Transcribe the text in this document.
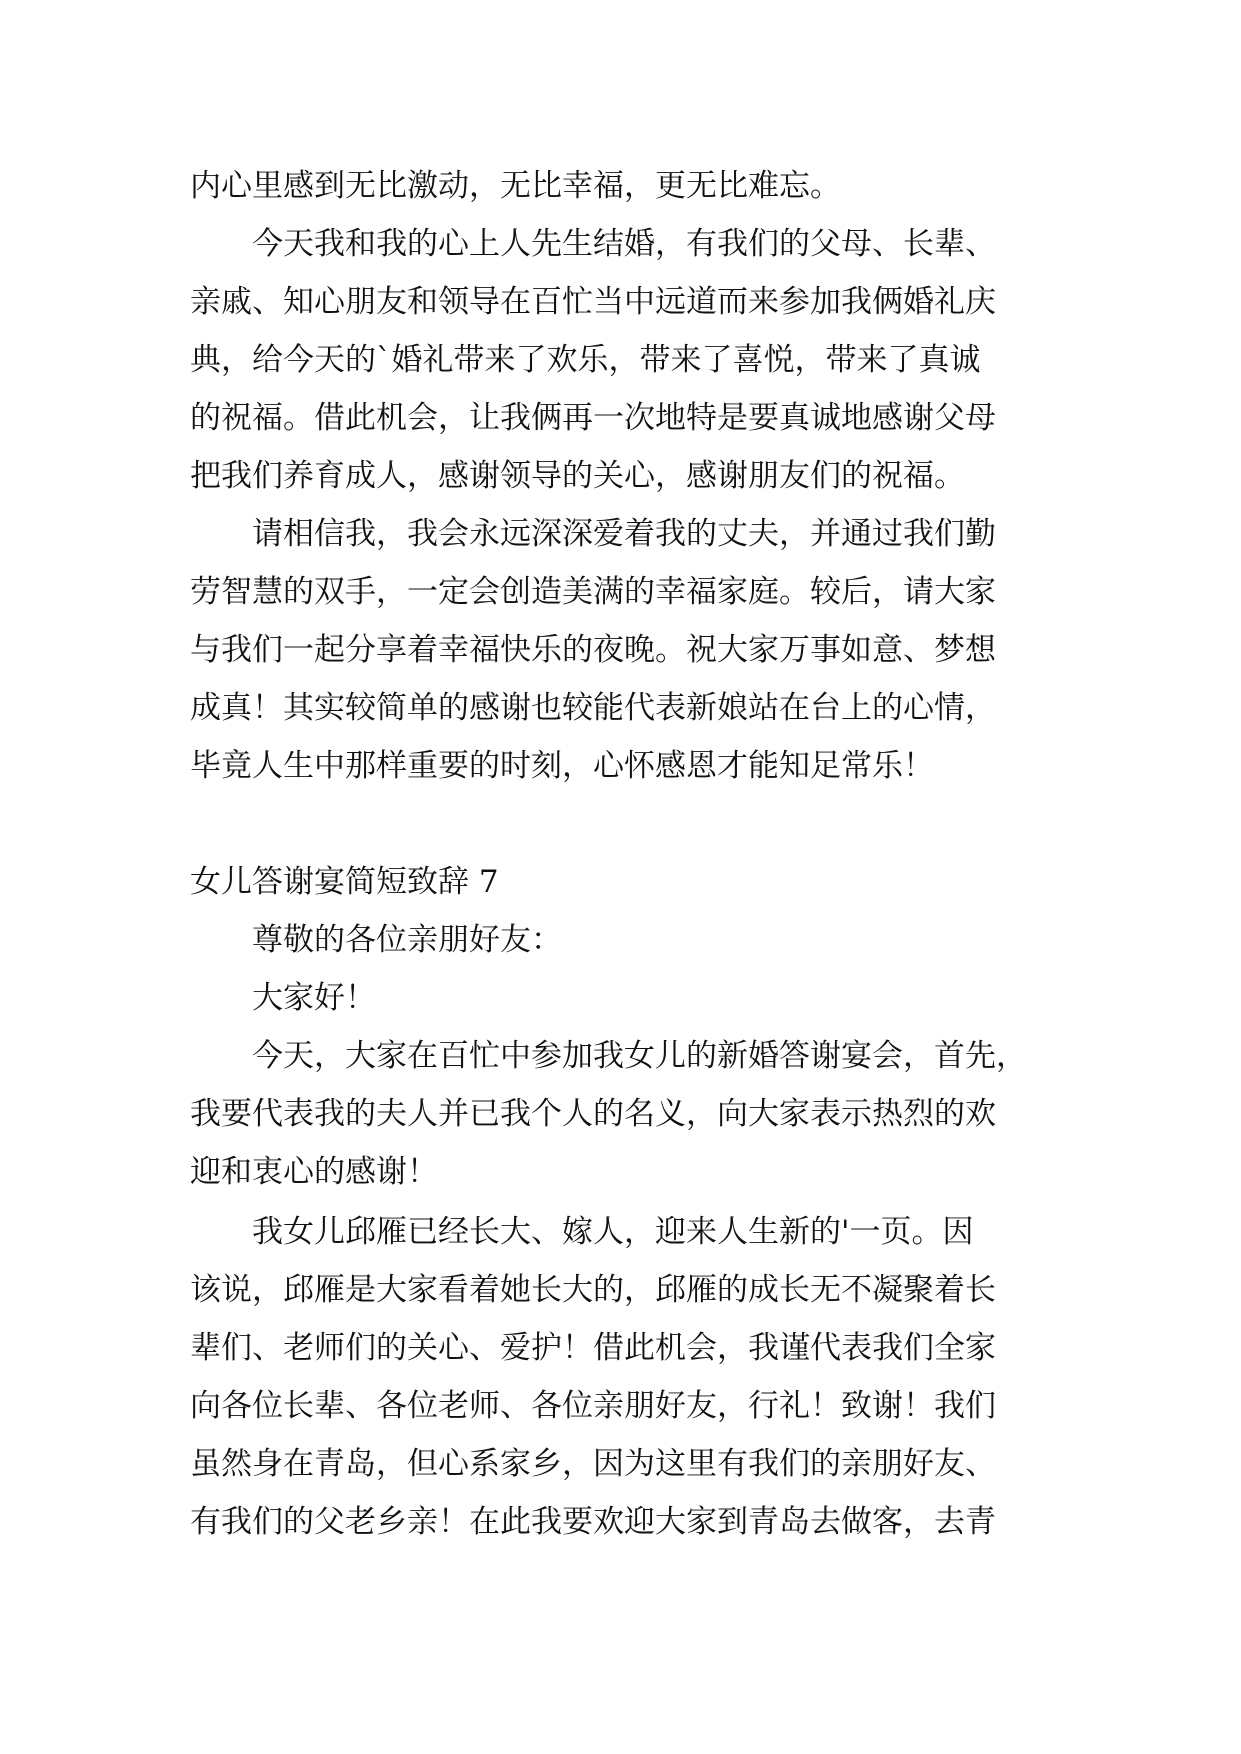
内心里感到无比激动，无比幸福，更无比难忘。
今天我和我的心上人先生结婚，有我们的父母、长辈、
亲戚、知心朋友和领导在百忙当中远道而来参加我俩婚礼庆
典，给今天的`婚礼带来了欢乐，带来了喜悦，带来了真诚
的祝福。借此机会，让我俩再一次地特是要真诚地感谢父母
把我们养育成人，感谢领导的关心，感谢朋友们的祝福。
请相信我，我会永远深深爱着我的丈夫，并通过我们勤
劳智慧的双手，一定会创造美满的幸福家庭。较后，请大家
与我们一起分享着幸福快乐的夜晚。祝大家万事如意、梦想
成真！其实较简单的感谢也较能代表新娘站在台上的心情，
毕竟人生中那样重要的时刻，心怀感恩才能知足常乐！
女儿答谢宴简短致辞 7
尊敬的各位亲朋好友：
大家好！
今天，大家在百忙中参加我女儿的新婚答谢宴会，首先，
我要代表我的夫人并已我个人的名义，向大家表示热烈的欢
迎和衷心的感谢！
我女儿邱雁已经长大、嫁人，迎来人生新的'一页。因
该说，邱雁是大家看着她长大的，邱雁的成长无不凝聚着长
辈们、老师们的关心、爱护！借此机会，我谨代表我们全家
向各位长辈、各位老师、各位亲朋好友，行礼！致谢！我们
虽然身在青岛，但心系家乡，因为这里有我们的亲朋好友、
有我们的父老乡亲！在此我要欢迎大家到青岛去做客，去青
